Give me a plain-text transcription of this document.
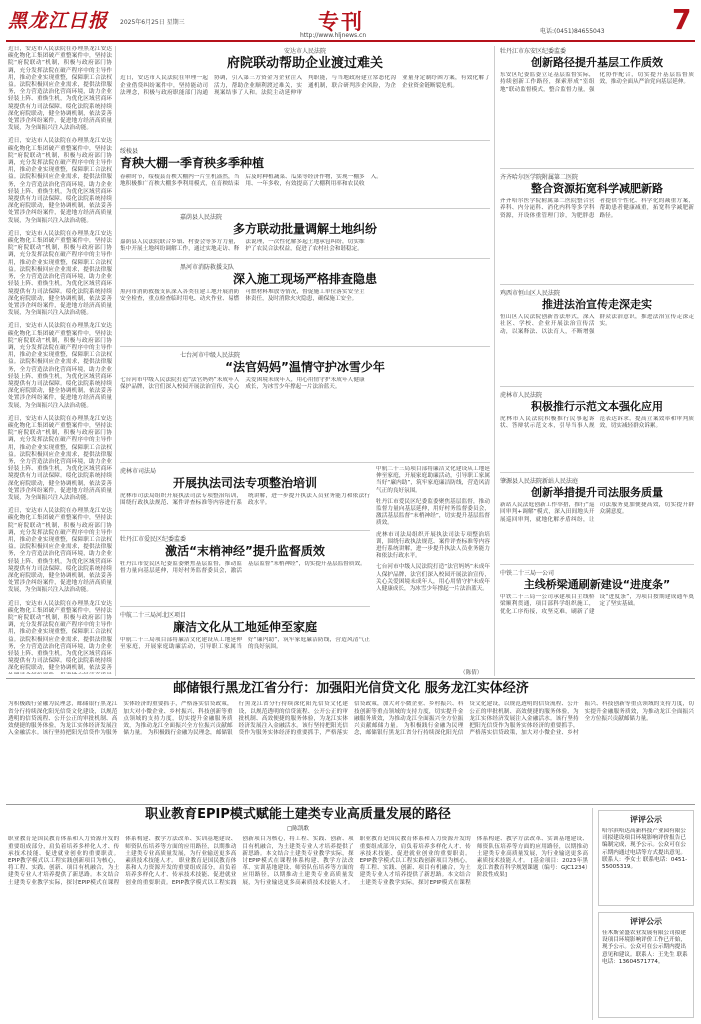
黑龙江日报 2025年6月25日 星期三	专刊
http://www.hljnews.cn	7
电话:(0451)84655043
近日，安达市人民法院在办理黑龙江安达碳化物化工集团破产重整案件中，坚持法院“府院联动”机制，积极与政府部门协调，充分发挥法院在破产程序中的主导作用，推动企业实现重整，保障职工合法权益。法院积极回应企业需求，提供法律服务，全力营造法治化营商环境，助力企业轻装上阵、重焕生机，为优化区域营商环境提供有力司法保障。绥化法院系统持续深化府院联动，健全协调机制，依法妥善处置涉企纠纷案件，促进地方经济高质量发展，为全面振兴注入法治动能。
近日，安达市人民法院在办理黑龙江安达碳化物化工集团破产重整案件中，坚持法院“府院联动”机制，积极与政府部门协调，充分发挥法院在破产程序中的主导作用，推动企业实现重整，保障职工合法权益。法院积极回应企业需求，提供法律服务，全力营造法治化营商环境，助力企业轻装上阵、重焕生机，为优化区域营商环境提供有力司法保障。绥化法院系统持续深化府院联动，健全协调机制，依法妥善处置涉企纠纷案件，促进地方经济高质量发展，为全面振兴注入法治动能。
近日，安达市人民法院在办理黑龙江安达碳化物化工集团破产重整案件中，坚持法院“府院联动”机制，积极与政府部门协调，充分发挥法院在破产程序中的主导作用，推动企业实现重整，保障职工合法权益。法院积极回应企业需求，提供法律服务，全力营造法治化营商环境，助力企业轻装上阵、重焕生机，为优化区域营商环境提供有力司法保障。绥化法院系统持续深化府院联动，健全协调机制，依法妥善处置涉企纠纷案件，促进地方经济高质量发展，为全面振兴注入法治动能。
近日，安达市人民法院在办理黑龙江安达碳化物化工集团破产重整案件中，坚持法院“府院联动”机制，积极与政府部门协调，充分发挥法院在破产程序中的主导作用，推动企业实现重整，保障职工合法权益。法院积极回应企业需求，提供法律服务，全力营造法治化营商环境，助力企业轻装上阵、重焕生机，为优化区域营商环境提供有力司法保障。绥化法院系统持续深化府院联动，健全协调机制，依法妥善处置涉企纠纷案件，促进地方经济高质量发展，为全面振兴注入法治动能。
近日，安达市人民法院在办理黑龙江安达碳化物化工集团破产重整案件中，坚持法院“府院联动”机制，积极与政府部门协调，充分发挥法院在破产程序中的主导作用，推动企业实现重整，保障职工合法权益。法院积极回应企业需求，提供法律服务，全力营造法治化营商环境，助力企业轻装上阵、重焕生机，为优化区域营商环境提供有力司法保障。绥化法院系统持续深化府院联动，健全协调机制，依法妥善处置涉企纠纷案件，促进地方经济高质量发展，为全面振兴注入法治动能。
近日，安达市人民法院在办理黑龙江安达碳化物化工集团破产重整案件中，坚持法院“府院联动”机制，积极与政府部门协调，充分发挥法院在破产程序中的主导作用，推动企业实现重整，保障职工合法权益。法院积极回应企业需求，提供法律服务，全力营造法治化营商环境，助力企业轻装上阵、重焕生机，为优化区域营商环境提供有力司法保障。绥化法院系统持续深化府院联动，健全协调机制，依法妥善处置涉企纠纷案件，促进地方经济高质量发展，为全面振兴注入法治动能。
近日，安达市人民法院在办理黑龙江安达碳化物化工集团破产重整案件中，坚持法院“府院联动”机制，积极与政府部门协调，充分发挥法院在破产程序中的主导作用，推动企业实现重整，保障职工合法权益。法院积极回应企业需求，提供法律服务，全力营造法治化营商环境，助力企业轻装上阵、重焕生机，为优化区域营商环境提供有力司法保障。绥化法院系统持续深化府院联动，健全协调机制，依法妥善
安达市人民法院
府院联动帮助企业渡过难关
近日，安达市人民法院在审理一起企业借贷纠纷案件中，坚持能动司法理念，积极与政府职能部门沟通协调，引入第三方资金为企业注入活力，帮助企业顺利渡过难关，实现案结事了人和。法院主动延伸审判职能，与当地政府建立常态化沟通机制，联合研判涉企风险，为企业量身定制纾困方案，有效化解了企业资金链断裂危机。
绥棱县
育秧大棚一季育秧多季种植
春耕时节，绥棱县育秧大棚内一片生机盎然，当地积极推广育秧大棚多季利用模式，在育秧结束后及时种植蔬菜、瓜果等经济作物，实现一棚多用、一年多收，有效提高了大棚利用率和农民收入。
嘉荫县人民法院
多方联动批量调解土地纠纷
嘉荫县人民法院联合乡镇、村委会等多方力量，集中开展土地纠纷调解工作，通过实地走访、释法说理，一次性化解多起土地承包纠纷，切实维护了农民合法权益，促进了农村社会和谐稳定。
黑河市消防救援支队
深入施工现场严格排查隐患
黑河市消防救援支队深入各类在建工地开展消防安全检查，重点检查临时用电、动火作业、易燃可燃材料堆放等情况，督促施工单位落实安全主体责任，及时消除火灾隐患，确保施工安全。
七台河市中级人民法院
“法官妈妈”温情守护冰雪少年
七台河市中级人民法院打造“法官妈妈”未成年人保护品牌，法官们深入校园开展法治宣传，关心关爱困境未成年人，用心用情守护未成年人健康成长，为冰雪少年撑起一片法治蓝天。
虎林市司法局
开展执法司法专项整治培训
虎林市司法局组织开展执法司法专项整治培训，围绕行政执法规范、案件评查标准等内容进行系统讲解，进一步提升执法人员业务能力和依法行政水平。
牡丹江市爱民区纪委监委
激活“末梢神经”提升监督质效
牡丹江市爱民区纪委监委聚焦基层监督，推动监督力量向基层延伸，用好村务监督委员会，激活基层监督“末梢神经”，切实提升基层监督质效。
中航二十三局河北区项目
廉洁文化从工地延伸至家庭
中航二十三局项目部将廉洁文化建设从工地延伸至家庭，开展家庭助廉活动，引导职工家属当好“廉内助”，筑牢家庭廉洁防线，营造风清气正的良好氛围。
中航二十三局项目部将廉洁文化建设从工地延伸至家庭，开展家庭助廉活动，引导职工家属当好“廉内助”，筑牢家庭廉洁防线，营造风清气正的良好氛围。
牡丹江市爱民区纪委监委聚焦基层监督，推动监督力量向基层延伸，用好村务监督委员会，激活基层监督“末梢神经”，切实提升基层监督质效。
虎林市司法局组织开展执法司法专项整治培训，围绕行政执法规范、案件评查标准等内容进行系统讲解，进一步提升执法人员业务能力和依法行政水平。
七台河市中级人民法院打造“法官妈妈”未成年人保护品牌，法官们深入校园开展法治宣传，关心关爱困境未成年人，用心用情守护未成年人健康成长，为冰雪少年撑起一片法治蓝天。
牡丹江市东安区纪委监委
创新路径提升基层工作质效
东安区纪委监委立足基层监督实际，持续创新工作路径，探索形成“室组地”联动监督模式，整合监督力量，强化协作配合，切实提升基层监督质效，推动全面从严治党向基层延伸。
齐齐哈尔医学院附属第二医院
整合资源拓宽科学减肥新路
齐齐哈尔医学院附属第二医院整合营养科、内分泌科、消化内科等多学科资源，开设体重管理门诊，为肥胖患者提供个性化、科学化的减重方案，帮助患者健康减重，拓宽科学减肥新路径。
鸡西市恒山区人民法院
推进法治宣传走深走实
恒山区人民法院创新普法形式，深入社区、学校、企业开展法治宣传活动，以案释法、以法育人，不断增强群众法治意识，推进法治宣传走深走实。
虎林市人民法院
积极推行示范文本强化应用
虎林市人民法院积极推行民事起诉状、答辩状示范文本，引导当事人规范表达诉求，提高立案效率和审判质效，切实减轻群众诉累。
肇源县人民法院新站人民法庭
创新举措提升司法服务质量
新站人民法庭创新工作举措，推行“巡回审判+调解”模式，深入田间地头开展巡回审判，就地化解矛盾纠纷，让司法服务更加便捷高效，切实提升群众满意度。
中铁二十三局一公司
主线桥梁通刷新建设“进度条”
中铁二十三局一公司承建项目主线桥梁顺利贯通，项目部科学组织施工，优化工序衔接，攻坚克难，刷新了建设“进度条”，为项目按期建成通车奠定了坚实基础。
邮储银行黑龙江省分行：加强阳光信贷文化 服务龙江实体经济
为积极践行金融为民理念，邮储银行黑龙江省分行持续深化阳光信贷文化建设，以规范透明的信贷流程、公开公正的审批机制、高效便捷的服务体验，为龙江实体经济发展注入金融活水。该行坚持把阳光信贷作为服务实体经济的重要抓手，严格落实信贷政策，加大对小微企业、乡村振兴、科技创新等重点领域的支持力度，切实提升金融服务质效，为推动龙江全面振兴全方位振兴贡献邮储力量。 为积极践行金融为民理念，邮储银行黑龙江省分行持续深化阳光信贷文化建设，以规范透明的信贷流程、公开公正的审批机制、高效便捷的服务体验，为龙江实体经济发展注入金融活水。该行坚持把阳光信贷作为服务实体经济的重要抓手，严格落实信贷政策，加大对小微企业、乡村振兴、科技创新等重点领域的支持力度，切实提升金融服务质效，为推动龙江全面振兴全方位振兴贡献邮储力量。 为积极践行金融为民理念，邮储银行黑龙江省分行持续深化阳光信贷文化建设，以规范透明的信贷流程、公开公正的审批机制、高效便捷的服务体验，为龙江实体经济发展注入金融活水。该行坚持把阳光信贷作为服务实体经济的重要抓手，严格落实信贷政策，加大对小微企业、乡村振兴、科技创新等重点领域的支持力度，切实提升金融服务质效，为推动龙江全面振兴全方位振兴贡献邮储力量。
职业教育EPIP模式赋能土建类专业高质量发展的路径
□陈凯歌
职业教育是国民教育体系和人力资源开发的重要组成部分，肩负着培养多样化人才、传承技术技能、促进就业创业的重要职责。EPIP教学模式以工程实践创新项目为核心，将工程、实践、创新、项目有机融合，为土建类专业人才培养提供了新思路。本文结合土建类专业教学实际，探讨EPIP模式在课程体系构建、教学方法改革、实训基地建设、师资队伍培养等方面的应用路径，以期推动土建类专业高质量发展，为行业输送更多高素质技术技能人才。 职业教育是国民教育体系和人力资源开发的重要组成部分，肩负着培养多样化人才、传承技术技能、促进就业创业的重要职责。EPIP教学模式以工程实践创新项目为核心，将工程、实践、创新、项目有机融合，为土建类专业人才培养提供了新思路。本文结合土建类专业教学实际，探讨EPIP模式在课程体系构建、教学方法改革、实训基地建设、师资队伍培养等方面的应用路径，以期推动土建类专业高质量发展，为行业输送更多高素质技术技能人才。 职业教育是国民教育体系和人力资源开发的重要组成部分，肩负着培养多样化人才、传承技术技能、促进就业创业的重要职责。EPIP教学模式以工程实践创新项目为核心，将工程、实践、创新、项目有机融合，为土建类专业人才培养提供了新思路。本文结合土建类专业教学实际，探讨EPIP模式在课程体系构建、教学方法改革、实训基地建设、师资队伍培养等方面的应用路径，以期推动土建类专业高质量发展，为行业输送更多高素质技术技能人才。 [基金项目：2023年黑龙江省教育科学规划课题（编号：GJC1234）阶段性成果]
评评公示
哈尔滨哈达高新科技产业园有限公司拟建设项目环境影响评价报告已编制完成，现予公示。公众可在公示期内通过电话等方式提出意见。联系人：李女士 联系电话：0451-55005319。
评评公示
佳木斯金盛农业发展有限公司拟建设项目环境影响评价工作已开始，现予公示。公众可在公示期内提出意见和建议。联系人：王先生 联系电话：13604571774。
（陈倩）
